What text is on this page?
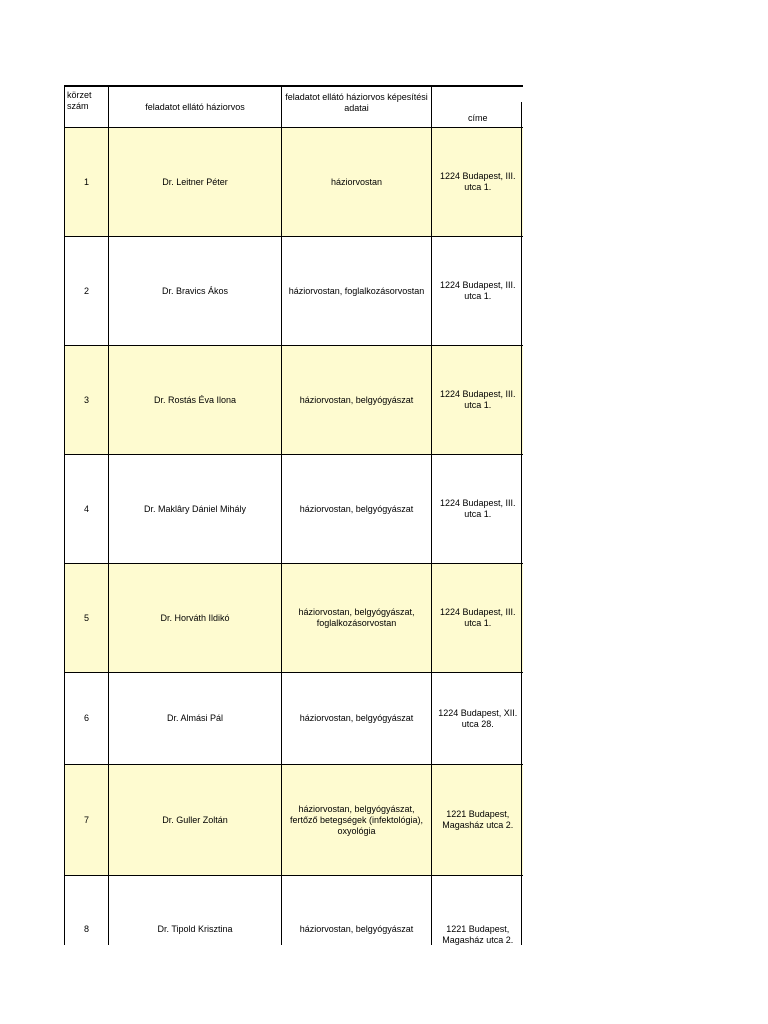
körzet szám	feladatot ellátó háziorvos	feladatot ellátó háziorvos képesítési adatai	címe
1	Dr. Leitner Péter	háziorvostan	1224 Budapest, III. utca 1.
2	Dr. Bravics Ákos	háziorvostan, foglalkozásorvostan	1224 Budapest, III. utca 1.
3	Dr. Rostás Éva Ilona	háziorvostan, belgyógyászat	1224 Budapest, III. utca 1.
4	Dr. Maklâry Dániel Mihály	háziorvostan, belgyógyászat	1224 Budapest, III. utca 1.
5	Dr. Horváth Ildikó	háziorvostan, belgyógyászat, foglalkozásorvostan	1224 Budapest, III. utca 1.
6	Dr. Almási Pál	háziorvostan, belgyógyászat	1224 Budapest, XII. utca 28.
7	Dr. Guller Zoltán	háziorvostan, belgyógyászat, fertőző betegségek (infektológia), oxyológia	1221 Budapest, Magasház utca 2.
8	Dr. Tipold Krisztina	háziorvostan, belgyógyászat	1221 Budapest, Magasház utca 2.
